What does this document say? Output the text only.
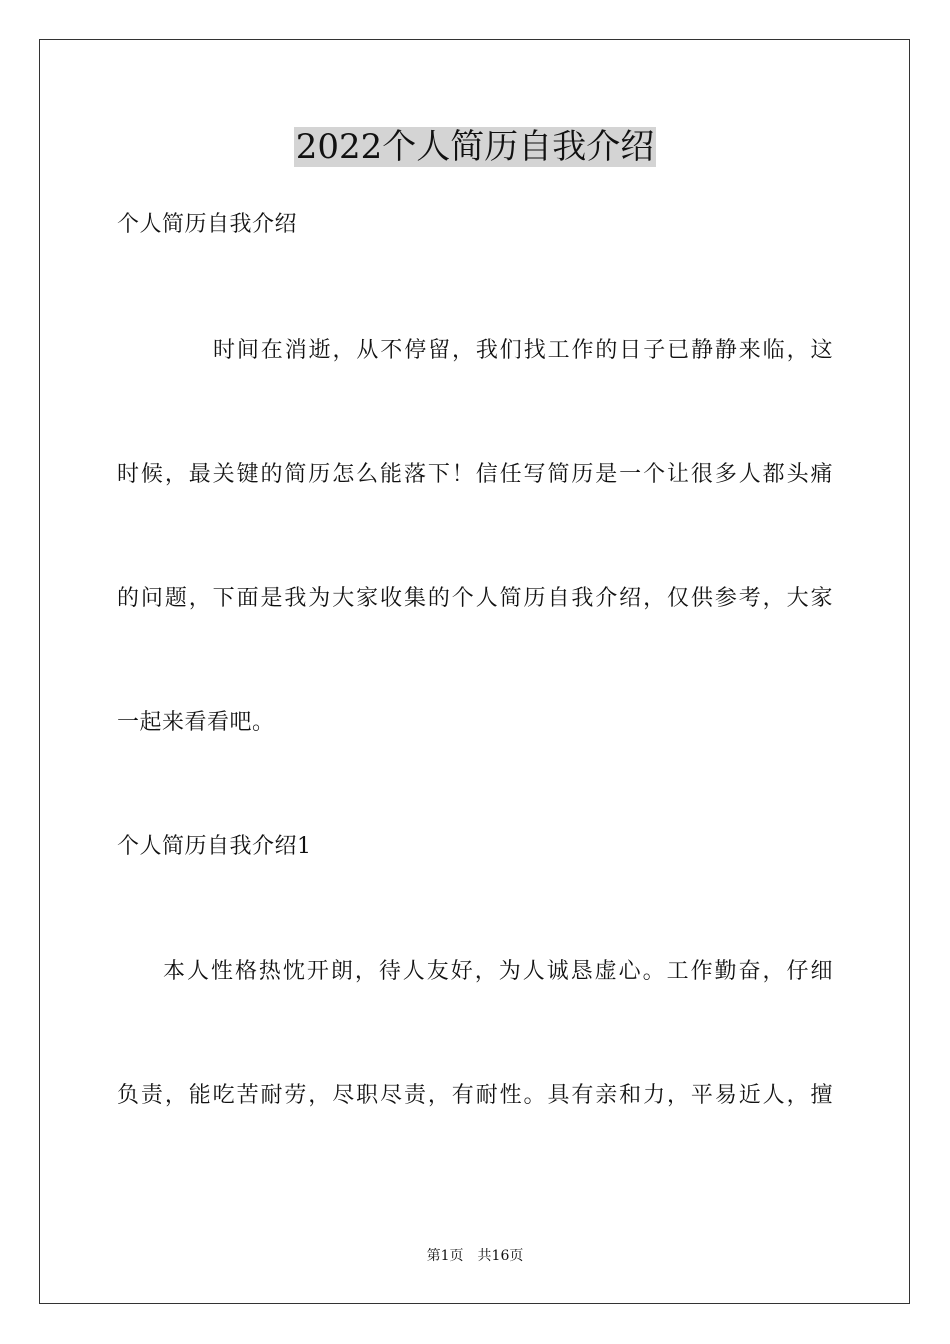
2022个人简历自我介绍
个人简历自我介绍
时间在消逝，从不停留，我们找工作的日子已静静来临，这
时候，最关键的简历怎么能落下！信任写简历是一个让很多人都头痛
的问题，下面是我为大家收集的个人简历自我介绍，仅供参考，大家
一起来看看吧。
个人简历自我介绍1
本人性格热忱开朗，待人友好，为人诚恳虚心。工作勤奋，仔细
负责，能吃苦耐劳，尽职尽责，有耐性。具有亲和力，平易近人，擅
第1页 共16页
